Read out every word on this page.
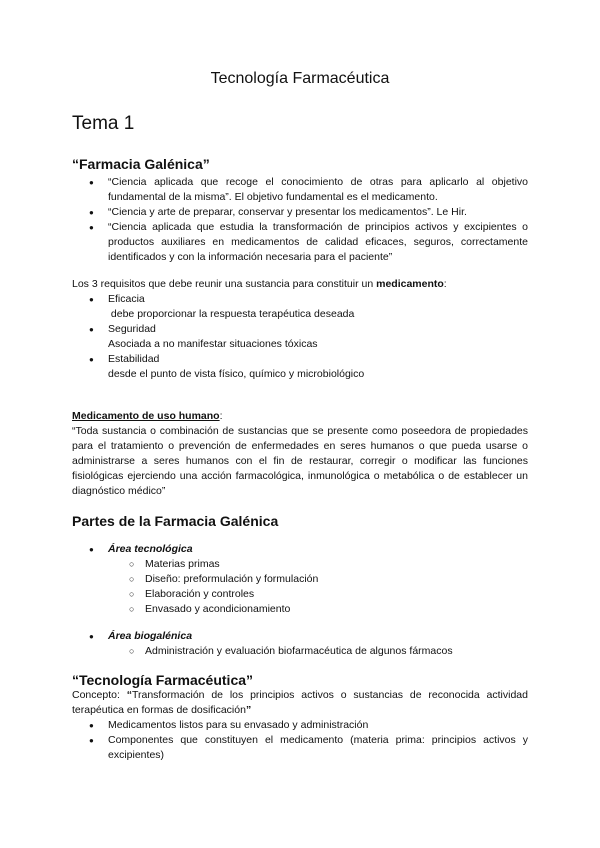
Tecnología Farmacéutica
Tema 1
“Farmacia Galénica”
● “Ciencia aplicada que recoge el conocimiento de otras para aplicarlo al objetivo fundamental de la misma”. El objetivo fundamental es el medicamento.
● “Ciencia y arte de preparar, conservar y presentar los medicamentos”. Le Hir.
● “Ciencia aplicada que estudia la transformación de principios activos y excipientes o productos auxiliares en medicamentos de calidad eficaces, seguros, correctamente identificados y con la información necesaria para el paciente”
Los 3 requisitos que debe reunir una sustancia para constituir un medicamento:
● Eficacia
debe proporcionar la respuesta terapéutica deseada
● Seguridad
Asociada a no manifestar situaciones tóxicas
● Estabilidad
desde el punto de vista físico, químico y microbiológico
Medicamento de uso humano:
“Toda sustancia o combinación de sustancias que se presente como poseedora de propiedades para el tratamiento o prevención de enfermedades en seres humanos o que pueda usarse o administrarse a seres humanos con el fin de restaurar, corregir o modificar las funciones fisiológicas ejerciendo una acción farmacológica, inmunológica o metabólica o de establecer un diagnóstico médico”
Partes de la Farmacia Galénica
● Área tecnológica
○ Materias primas
○ Diseño: preformulación y formulación
○ Elaboración y controles
○ Envasado y acondicionamiento
● Área biogalénica
○ Administración y evaluación biofarmacéutica de algunos fármacos
“Tecnología Farmacéutica”
Concepto: “Transformación de los principios activos o sustancias de reconocida actividad terapéutica en formas de dosificación”
● Medicamentos listos para su envasado y administración
● Componentes que constituyen el medicamento (materia prima: principios activos y excipientes)
